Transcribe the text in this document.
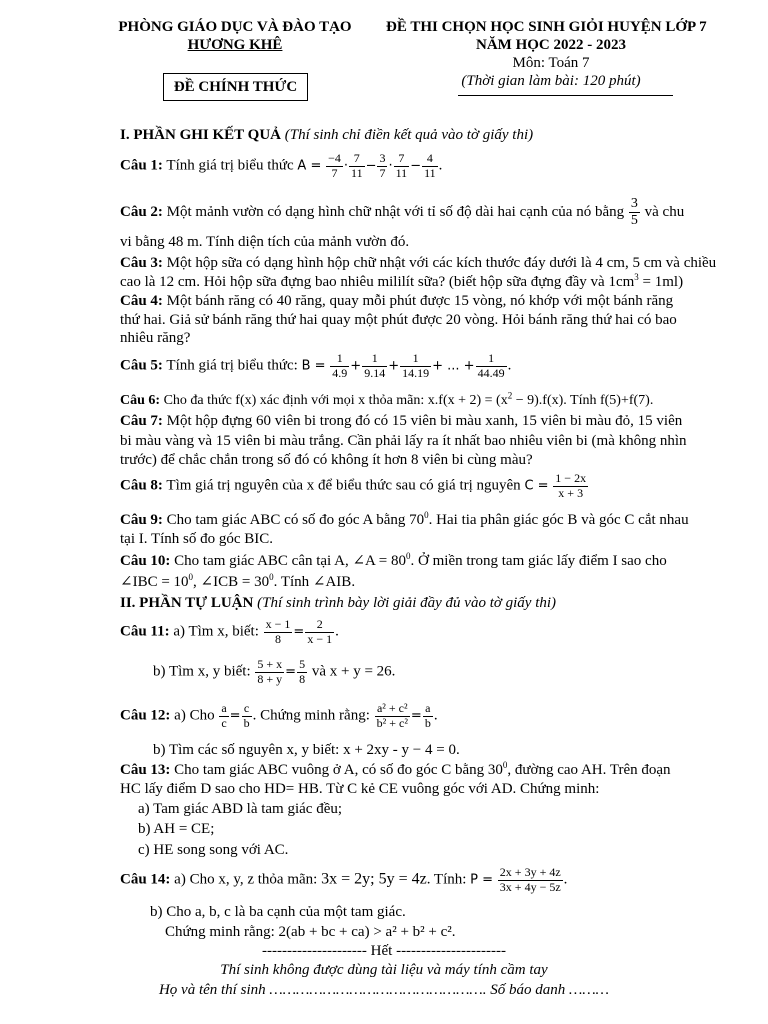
PHÒNG GIÁO DỤC VÀ ĐÀO TẠO
HƯƠNG KHÊ
ĐỀ CHÍNH THỨC
ĐỀ THI CHỌN HỌC SINH GIỎI HUYỆN LỚP 7
NĂM HỌC 2022 - 2023
Môn: Toán 7
(Thời gian làm bài: 120 phút)
I. PHẦN GHI KẾT QUẢ (Thí sinh chỉ điền kết quả vào tờ giấy thi)
Câu 1: Tính giá trị biểu thức $A = \frac{-4}{7} \cdot \frac{7}{11} - \frac{3}{7} \cdot \frac{7}{11} - \frac{4}{11}$ .
Câu 2: Một mảnh vườn có dạng hình chữ nhật với tỉ số độ dài hai cạnh của nó bằng $\frac{3}{5}$ và chu
vi bằng 48 m. Tính diện tích của mảnh vườn đó.
Câu 3: Một hộp sữa có dạng hình hộp chữ nhật với các kích thước đáy dưới là 4 cm, 5 cm và chiều
cao là 12 cm. Hỏi hộp sữa đựng bao nhiêu mililít sữa? (biết hộp sữa đựng đầy và $1cm^3 = 1ml$)
Câu 4: Một bánh răng có 40 răng, quay mỗi phút được 15 vòng, nó khớp với một bánh răng
thứ hai. Giả sử bánh răng thứ hai quay một phút được 20 vòng. Hỏi bánh răng thứ hai có bao
nhiêu răng?
Câu 5: Tính giá trị biểu thức: $B = \frac{1}{4.9} + \frac{1}{9.14} + \frac{1}{14.19}$ + ... + $\frac{1}{44.49}$ .
Câu 6: Cho đa thức f(x) xác định với mọi x thỏa mãn: $x.f(x + 2) = (x^2 - 9).f(x)$. Tính f(5)+f(7).
Câu 7: Một hộp đựng 60 viên bi trong đó có 15 viên bi màu xanh, 15 viên bi màu đỏ, 15 viên
bi màu vàng và 15 viên bi màu trắng. Cần phải lấy ra ít nhất bao nhiêu viên bi (mà không nhìn
trước) để chắc chắn trong số đó có không ít hơn 8 viên bi cùng màu?
Câu 8: Tìm giá trị nguyên của x để biểu thức sau có giá trị nguyên $C = \frac{1 - 2x}{x + 3}$
Câu 9: Cho tam giác ABC có số đo góc A bằng $70^0$. Hai tia phân giác góc B và góc C cắt nhau
tại I. Tính số đo góc BIC.
Câu 10: Cho tam giác ABC cân tại A, ∠A = $80^0$. Ở miền trong tam giác lấy điểm I sao cho
∠IBC = $10^0$, ∠ICB = $30^0$. Tính ∠AIB.
II. PHẦN TỰ LUẬN (Thí sinh trình bày lời giải đầy đủ vào tờ giấy thi)
Câu 11: a) Tìm x, biết: $\frac{x - 1}{8} = \frac{2}{x - 1}$ .
b) Tìm x, y biết: $\frac{5 + x}{8 + y} = \frac{5}{8}$ và x + y = 26.
Câu 12: a) Cho $\frac{a}{c} = \frac{c}{b}$ . Chứng minh rằng: $\frac{\text{a² + c²}}{\text{b² + c²}} = \frac{a}{b}$ .
b) Tìm các số nguyên x, y biết: x + 2xy - y − 4 = 0.
Câu 13: Cho tam giác ABC vuông ở A, có số đo góc C bằng $30^0$, đường cao AH. Trên đoạn
HC lấy điểm D sao cho HD= HB. Từ C kẻ CE vuông góc với AD. Chứng minh:
a) Tam giác ABD là tam giác đều;
b) AH = CE;
c) HE song song với AC.
Câu 14: a) Cho x, y, z thỏa mãn: 3x = 2y; 5y = 4z. Tính: $P = \frac{2x + 3y + 4z}{3x + 4y - 5z}$ .
b) Cho a, b, c là ba cạnh của một tam giác.
Chứng minh rằng: 2(ab + bc + ca) > a² + b² + c².
--------------------- Hết ----------------------
Thí sinh không được dùng tài liệu và máy tính cầm tay
Họ và tên thí sinh …………………………………………. Số báo danh ………
